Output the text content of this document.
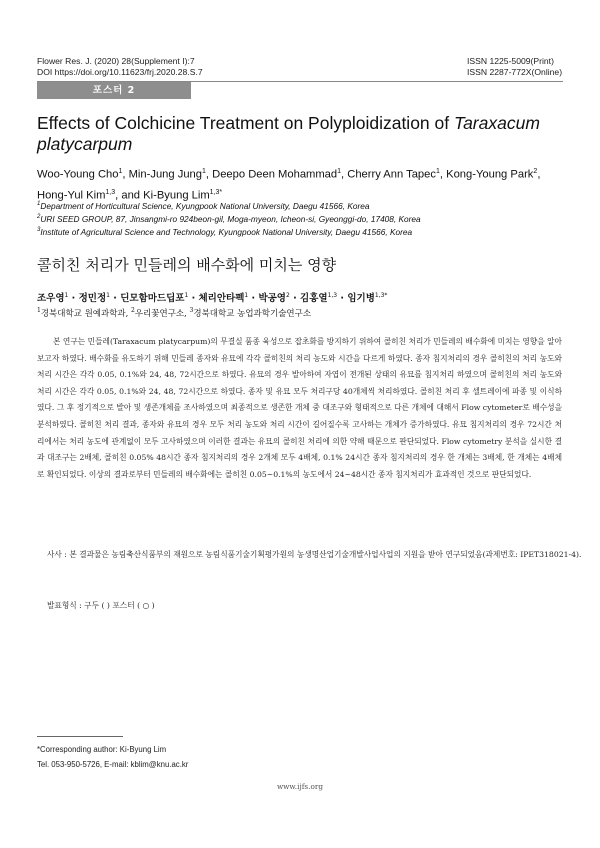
Flower Res. J. (2020) 28(Supplement I):7
DOI https://doi.org/10.11623/frj.2020.28.S.7
ISSN 1225-5009(Print)
ISSN 2287-772X(Online)
포스터 2
Effects of Colchicine Treatment on Polyploidization of Taraxacum platycarpum
Woo-Young Cho$^1$, Min-Jung Jung$^1$, Deepo Deen Mohammad$^1$, Cherry Ann Tapec$^1$, Kong-Young Park$^2$,
Hong-Yul Kim$^{1,3}$, and Ki-Byung Lim$^{1,3*}$
$^1$Department of Horticultural Science, Kyungpook National University, Daegu 41566, Korea
$^2$URI SEED GROUP, 87, Jinsangmi-ro 924beon-gil, Moga-myeon, Icheon-si, Gyeonggi-do, 17408, Korea
$^3$Institute of Agricultural Science and Technology, Kyungpook National University, Daegu 41566, Korea
콜히친 처리가 민들레의 배수화에 미치는 영향
조우영$^1$ · 정민정$^1$ · 딘모함마드딥포$^1$ · 체리안타펙$^1$ · 박공영$^2$ · 김홍열$^{1,3}$ · 임기병$^{1,3*}$
$^1$경북대학교 원예과학과, $^2$우리꽃연구소, $^3$경북대학교 농업과학기술연구소

본 연구는 민들레(Taraxacum platycarpum)의 무결실 품종 육성으로 잡초화를 방지하기 위하여 콜히친 처리가 민들레의 배수화에 미치는 영향을 알아보고자 하였다. 배수화를 유도하기 위해 민들레 종자와 유묘에 각각 콜히친의 처리 농도와 시간을 다르게 하였다. 종자 침지처리의 경우 콜히친의 처리 농도와 처리 시간은 각각 0.05, 0.1%와 24, 48, 72시간으로 하였다. 유묘의 경우 발아하여 자엽이 전개된 상태의 유묘를 침지처리 하였으며 콜히친의 처리 농도와 처리 시간은 각각 0.05, 0.1%와 24, 48, 72시간으로 하였다. 종자 및 유묘 모두 처리구당 40개체씩 처리하였다. 콜히친 처리 후 셀트레이에 파종 및 이식하였다. 그 후 정기적으로 발아 및 생존개체를 조사하였으며 최종적으로 생존한 개체 중 대조구와 형태적으로 다른 개체에 대해서 Flow cytometer로 배수성을 분석하였다. 콜히친 처리 결과, 종자와 유묘의 경우 모두 처리 농도와 처리 시간이 길어질수록 고사하는 개체가 증가하였다. 유묘 침지처리의 경우 72시간 처리에서는 처리 농도에 관계없이 모두 고사하였으며 이러한 결과는 유묘의 콜히친 처리에 의한 약해 때문으로 판단되었다. Flow cytometry 분석을 실시한 결과 대조구는 2배체, 콜히친 0.05% 48시간 종자 침지처리의 경우 2개체 모두 4배체, 0.1% 24시간 종자 침지처리의 경우 한 개체는 3배체, 한 개체는 4배체로 확인되었다. 이상의 결과로부터 민들레의 배수화에는 콜히친 0.05~0.1%의 농도에서 24~48시간 종자 침지처리가 효과적인 것으로 판단되었다.

사사 : 본 결과물은 농림축산식품부의 재원으로 농림식품기술기획평가원의 농생명산업기술개발사업사업의 지원을 받아 연구되었음(과제번호: IPET318021-4).

발표형식 : 구두 ( ) 포스터 ( ○ )
*Corresponding author: Ki-Byung Lim
Tel. 053-950-5726, E-mail: kblim@knu.ac.kr
www.ijfs.org
